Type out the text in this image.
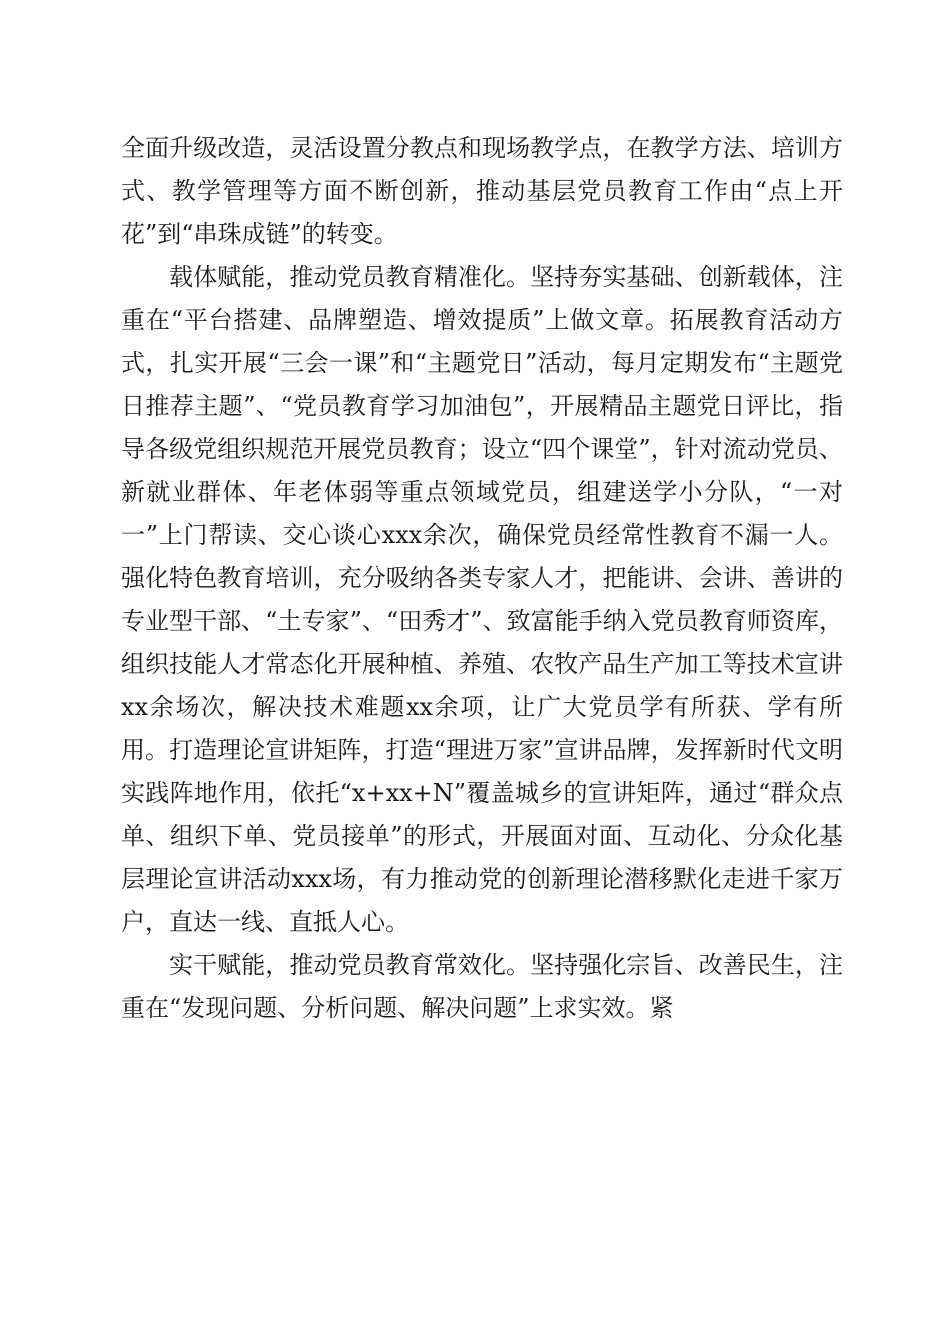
全面升级改造，灵活设置分教点和现场教学点，在教学方法、培训方式、教学管理等方面不断创新，推动基层党员教育工作由“点上开花”到“串珠成链”的转变。

载体赋能，推动党员教育精准化。坚持夯实基础、创新载体，注重在“平台搭建、品牌塑造、增效提质”上做文章。拓展教育活动方式，扎实开展“三会一课”和“主题党日”活动，每月定期发布“主题党日推荐主题”、“党员教育学习加油包”，开展精品主题党日评比，指导各级党组织规范开展党员教育；设立“四个课堂”，针对流动党员、新就业群体、年老体弱等重点领域党员，组建送学小分队，“一对一”上门帮读、交心谈心xxx余次，确保党员经常性教育不漏一人。强化特色教育培训，充分吸纳各类专家人才，把能讲、会讲、善讲的专业型干部、“土专家”、“田秀才”、致富能手纳入党员教育师资库，组织技能人才常态化开展种植、养殖、农牧产品生产加工等技术宣讲xx余场次，解决技术难题xx余项，让广大党员学有所获、学有所用。打造理论宣讲矩阵，打造“理进万家”宣讲品牌，发挥新时代文明实践阵地作用，依托“x+xx+N”覆盖城乡的宣讲矩阵，通过“群众点单、组织下单、党员接单”的形式，开展面对面、互动化、分众化基层理论宣讲活动xxx场，有力推动党的创新理论潜移默化走进千家万户，直达一线、直抵人心。

实干赋能，推动党员教育常效化。坚持强化宗旨、改善民生，注重在“发现问题、分析问题、解决问题”上求实效。紧
